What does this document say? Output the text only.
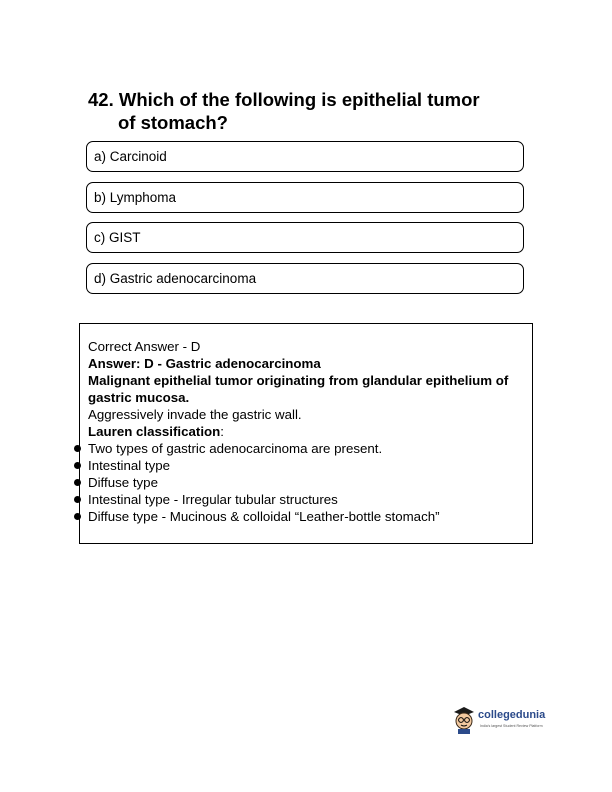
42. Which of the following is epithelial tumor
of stomach?
a) Carcinoid
b) Lymphoma
c) GIST
d) Gastric adenocarcinoma
Correct Answer - D
Answer: D - Gastric adenocarcinoma
Malignant epithelial tumor originating from glandular epithelium of gastric mucosa.
Aggressively invade the gastric wall.
Lauren classification:
Two types of gastric adenocarcinoma are present.
Intestinal type
Diffuse type
Intestinal type - Irregular tubular structures
Diffuse type - Mucinous & colloidal “Leather-bottle stomach”
collegedunia
India's largest Student Review Platform
